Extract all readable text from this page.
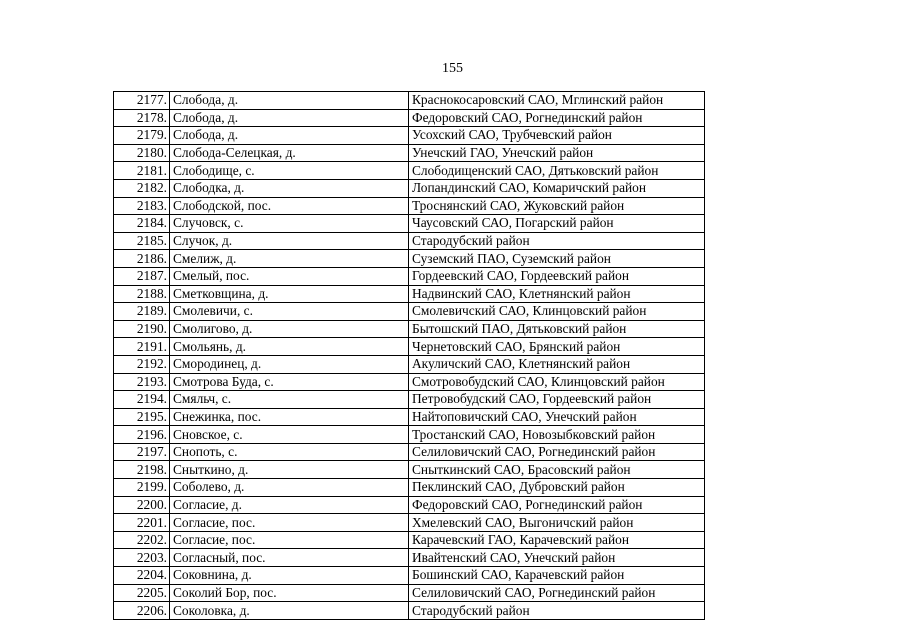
155
2177.	Слобода, д.	Краснокосаровский САО, Мглинский район
2178.	Слобода, д.	Федоровский САО, Рогнединский район
2179.	Слобода, д.	Усохский САО, Трубчевский район
2180.	Слобода-Селецкая, д.	Унечский ГАО, Унечский район
2181.	Слободище, с.	Слободищенский САО, Дятьковский район
2182.	Слободка, д.	Лопандинский САО, Комаричский район
2183.	Слободской, пос.	Троснянский САО, Жуковский район
2184.	Случовск, с.	Чаусовский САО, Погарский район
2185.	Случок, д.	Стародубский район
2186.	Смелиж, д.	Суземский ПАО, Суземский район
2187.	Смелый, пос.	Гордеевский САО, Гордеевский район
2188.	Сметковщина, д.	Надвинский САО, Клетнянский район
2189.	Смолевичи, с.	Смолевичский САО, Клинцовский район
2190.	Смолигово, д.	Бытошский ПАО, Дятьковский район
2191.	Смольянь, д.	Чернетовский САО, Брянский район
2192.	Смородинец, д.	Акуличский САО, Клетнянский район
2193.	Смотрова Буда, с.	Смотровобудский САО, Клинцовский район
2194.	Смяльч, с.	Петровобудский САО, Гордеевский район
2195.	Снежинка, пос.	Найтоповичский САО, Унечский район
2196.	Сновское, с.	Тростанский САО, Новозыбковский район
2197.	Снопоть, с.	Селиловичский САО, Рогнединский район
2198.	Сныткино, д.	Сныткинский САО, Брасовский район
2199.	Соболево, д.	Пеклинский САО, Дубровский район
2200.	Согласие, д.	Федоровский САО, Рогнединский район
2201.	Согласие, пос.	Хмелевский САО, Выгоничский район
2202.	Согласие, пос.	Карачевский ГАО, Карачевский район
2203.	Согласный, пос.	Ивайтенский САО, Унечский район
2204.	Соковнина, д.	Бошинский САО, Карачевский район
2205.	Соколий Бор, пос.	Селиловичский САО, Рогнединский район
2206.	Соколовка, д.	Стародубский район
